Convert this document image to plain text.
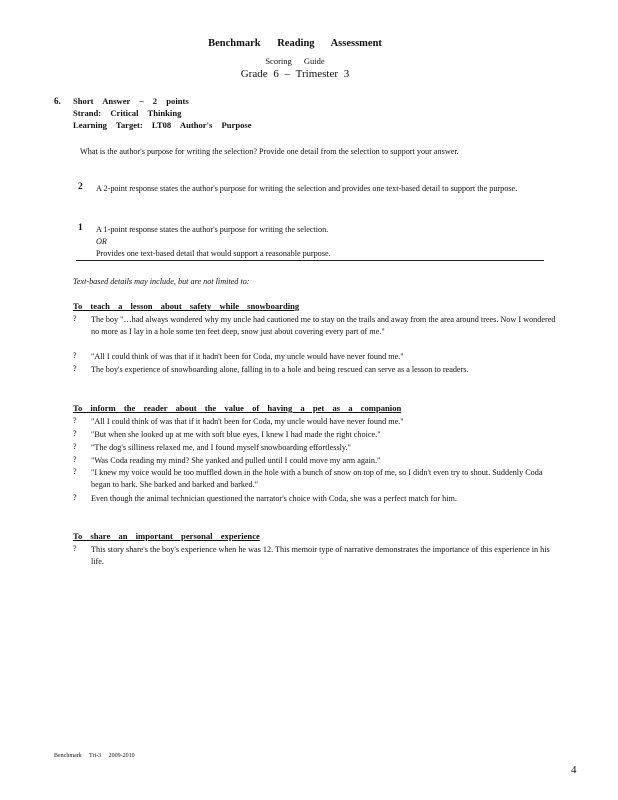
Benchmark Reading Assessment
Scoring Guide
Grade 6 – Trimester 3
6. Short Answer – 2 points
Strand: Critical Thinking
Learning Target: LT08 Author's Purpose
What is the author's purpose for writing the selection? Provide one detail from the selection to support your answer.
2 A 2-point response states the author's purpose for writing the selection and provides one text-based detail to support the purpose.
1 A 1-point response states the author's purpose for writing the selection.
OR
Provides one text-based detail that would support a reasonable purpose.
Text-based details may include, but are not limited to:
To teach a lesson about safety while snowboarding
? The boy "…had always wondered why my uncle had cautioned me to stay on the trails and away from the area around trees. Now I wondered no more as I lay in a hole some ten feet deep, snow just about covering every part of me."
? "All I could think of was that if it hadn't been for Coda, my uncle would have never found me."
? The boy's experience of snowboarding alone, falling in to a hole and being rescued can serve as a lesson to readers.
To inform the reader about the value of having a pet as a companion
? "All I could think of was that if it hadn't been for Coda, my uncle would have never found me."
? "But when she looked up at me with soft blue eyes, I knew I had made the right choice."
? "The dog's silliness relaxed me, and I found myself snowboarding effortlessly."
? "Was Coda reading my mind? She yanked and pulled until I could move my arm again."
? "I knew my voice would be too muffled down in the hole with a bunch of snow on top of me, so I didn't even try to shout. Suddenly Coda began to bark. She barked and barked and barked."
? Even though the animal technician questioned the narrator's choice with Coda, she was a perfect match for him.
To share an important personal experience
? This story share's the boy's experience when he was 12. This memoir type of narrative demonstrates the importance of this experience in his life.
Benchmark Tri-3 2009-2010
4
